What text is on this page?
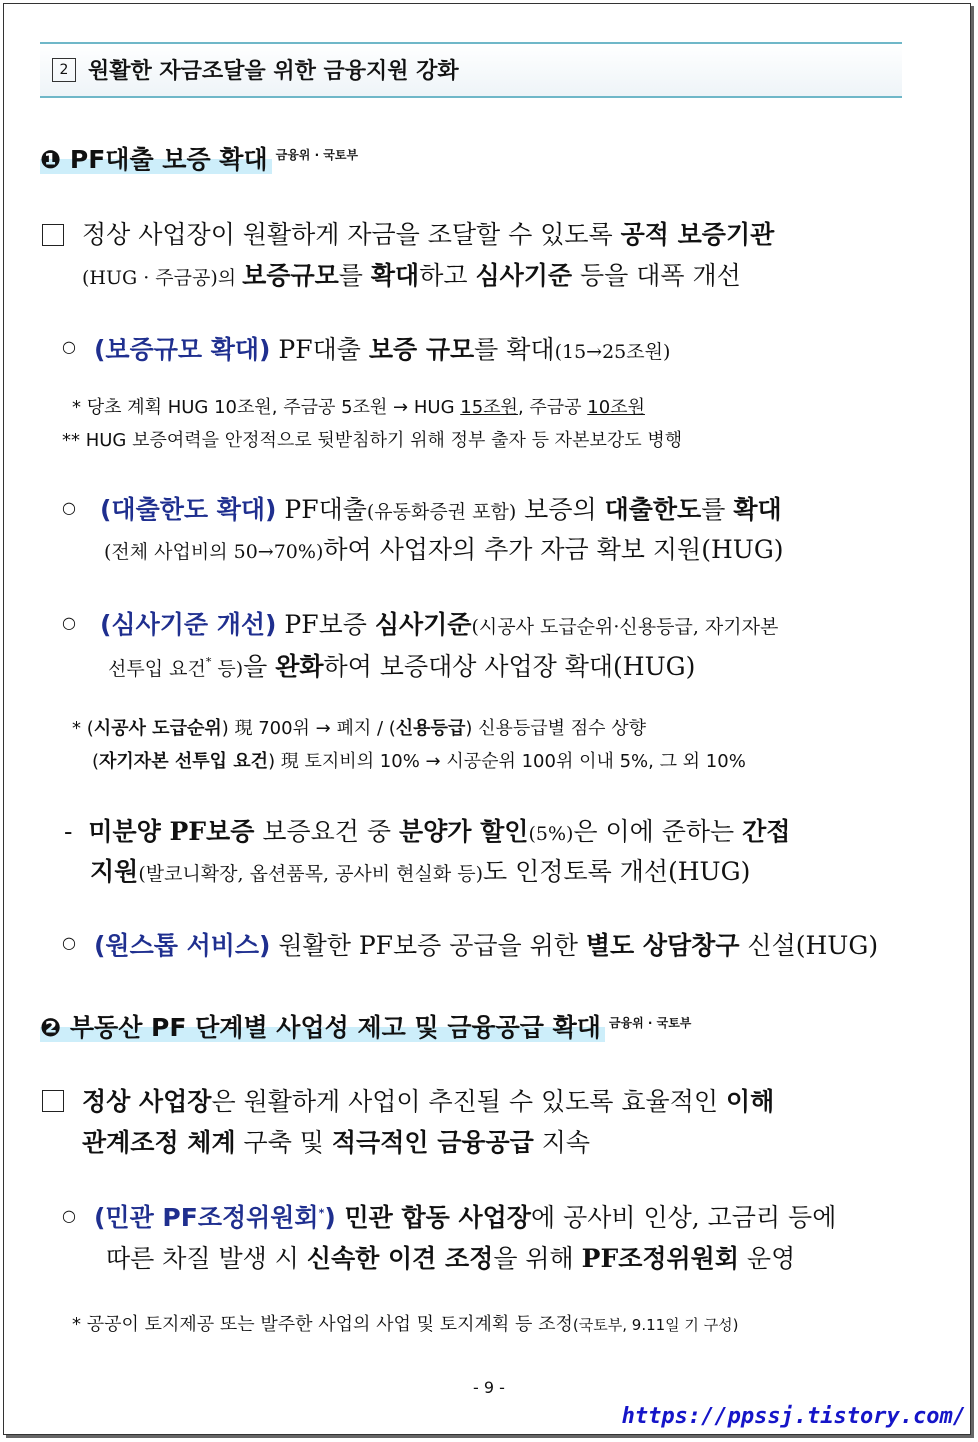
2 원활한 자금조달을 위한 금융지원 강화
❶ PF대출 보증 확대 $^{금융위 \cdot 국토부}$
정상 사업장이 원활하게 자금을 조달할 수 있도록 공적 보증기관
(HUG · 주금공)의 보증규모를 확대하고 심사기준 등을 대폭 개선
○ (보증규모 확대) PF대출 보증 규모를 확대(15→25조원)
* 당초 계획 HUG 10조원, 주금공 5조원 → HUG 15조원, 주금공 10조원
** HUG 보증여력을 안정적으로 뒷받침하기 위해 정부 출자 등 자본보강도 병행
○ (대출한도 확대) PF대출(유동화증권 포함) 보증의 대출한도를 확대
(전체 사업비의 50→70%)하여 사업자의 추가 자금 확보 지원(HUG)
○ (심사기준 개선) PF보증 심사기준(시공사 도급순위·신용등급, 자기자본
선투입 요건* 등)을 완화하여 보증대상 사업장 확대(HUG)
* (시공사 도급순위) 現 700위 → 폐지 / (신용등급) 신용등급별 점수 상향
(자기자본 선투입 요건) 現 토지비의 10% → 시공순위 100위 이내 5%, 그 외 10%
- 미분양 PF보증 보증요건 중 분양가 할인(5%)은 이에 준하는 간접
지원(발코니확장, 옵션품목, 공사비 현실화 등)도 인정토록 개선(HUG)
○ (원스톱 서비스) 원활한 PF보증 공급을 위한 별도 상담창구 신설(HUG)
❷ 부동산 PF 단계별 사업성 제고 및 금융공급 확대 $^{금융위 \cdot 국토부}$
정상 사업장은 원활하게 사업이 추진될 수 있도록 효율적인 이해
관계조정 체계 구축 및 적극적인 금융공급 지속
○ (민관 PF조정위원회*) 민관 합동 사업장에 공사비 인상, 고금리 등에
따른 차질 발생 시 신속한 이견 조정을 위해 PF조정위원회 운영
* 공공이 토지제공 또는 발주한 사업의 사업 및 토지계획 등 조정(국토부, 9.11일 기 구성)
- 9 -
https://ppssj.tistory.com/
